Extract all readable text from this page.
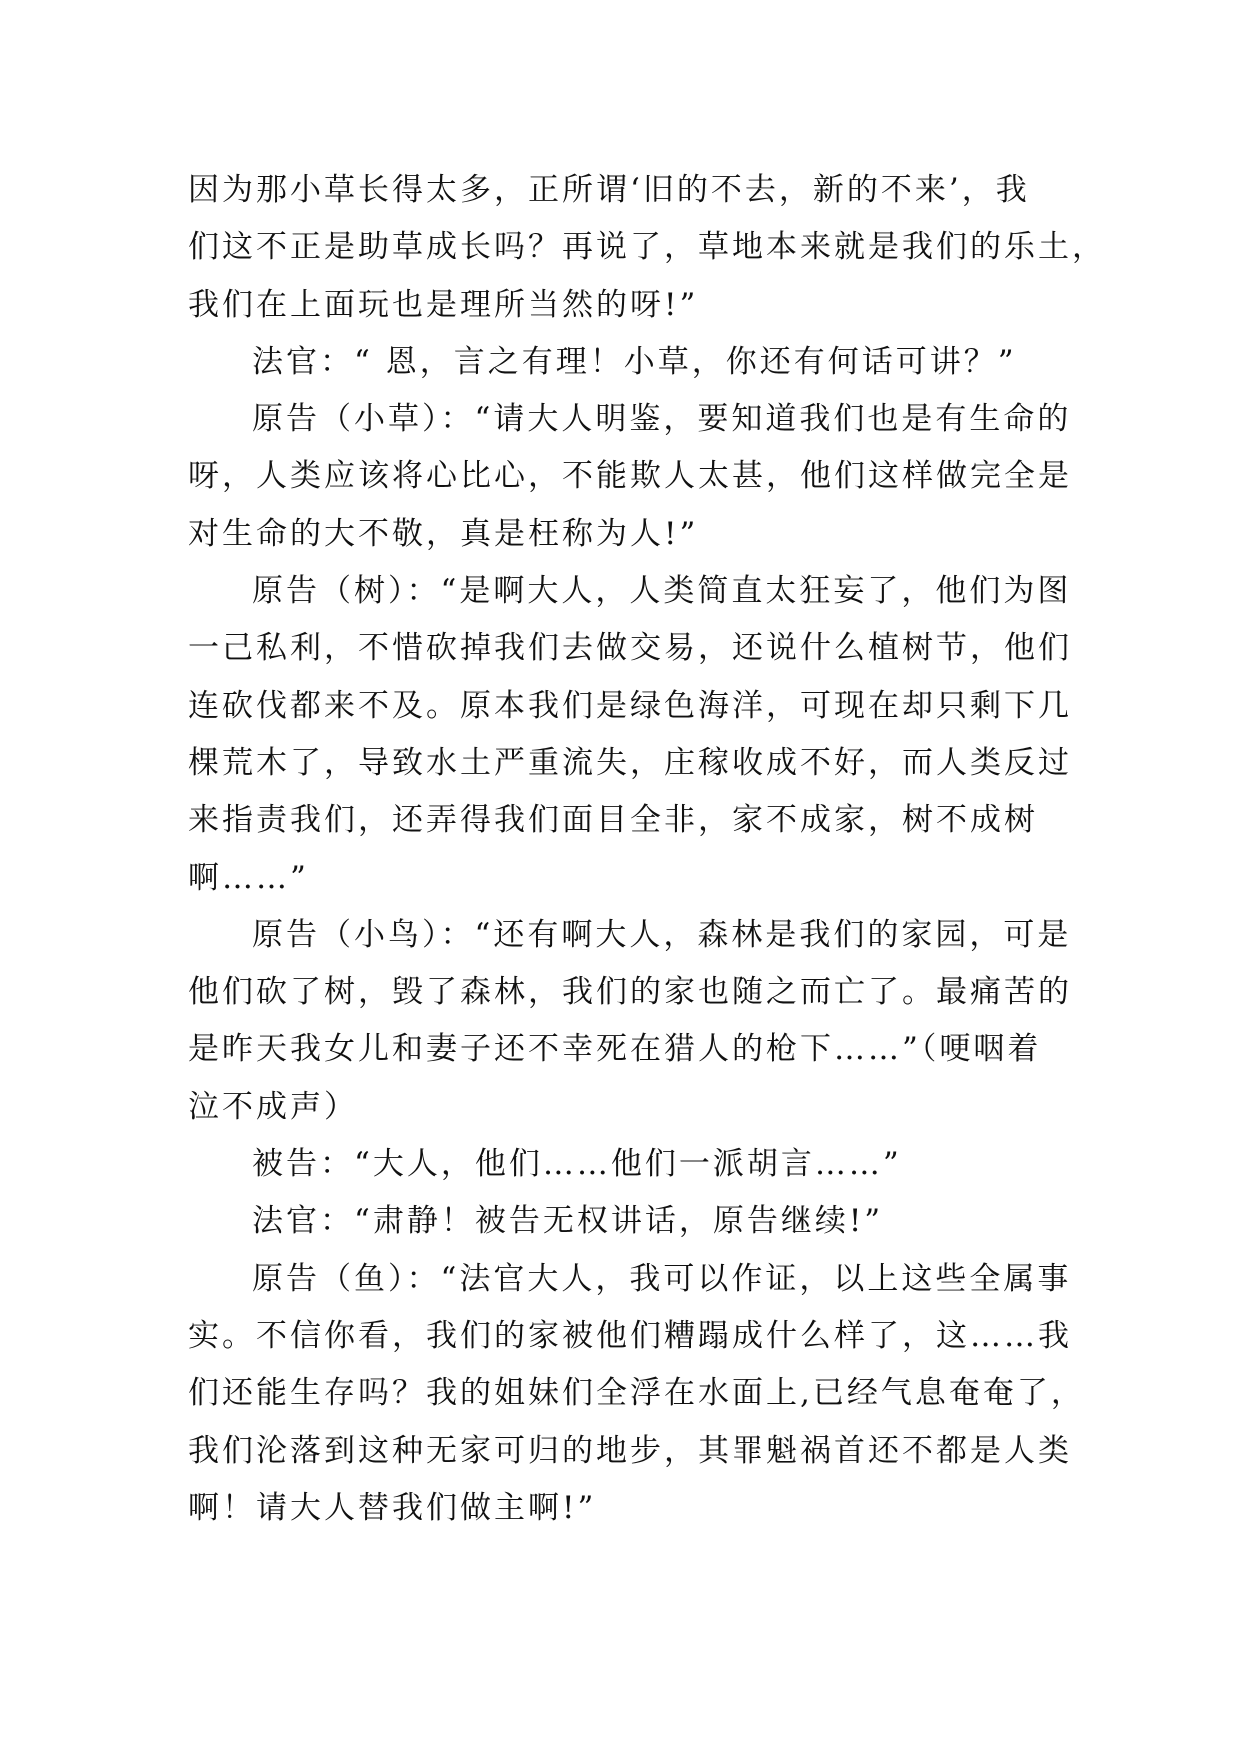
因为那小草长得太多，正所谓‘旧的不去，新的不来’，我
们这不正是助草成长吗？再说了，草地本来就是我们的乐土，
我们在上面玩也是理所当然的呀!”
法官：“ 恩，言之有理！小草，你还有何话可讲？”
原告（小草）：“请大人明鉴，要知道我们也是有生命的
呀，人类应该将心比心，不能欺人太甚，他们这样做完全是
对生命的大不敬，真是枉称为人!”
原告（树）：“是啊大人，人类简直太狂妄了，他们为图
一己私利，不惜砍掉我们去做交易，还说什么植树节，他们
连砍伐都来不及。原本我们是绿色海洋，可现在却只剩下几
棵荒木了，导致水土严重流失，庄稼收成不好，而人类反过
来指责我们，还弄得我们面目全非，家不成家，树不成树
啊……”
原告（小鸟）：“还有啊大人，森林是我们的家园，可是
他们砍了树，毁了森林，我们的家也随之而亡了。最痛苦的
是昨天我女儿和妻子还不幸死在猎人的枪下……”（哽咽着
泣不成声）
被告：“大人，他们……他们一派胡言……”
法官：“肃静！被告无权讲话，原告继续!”
原告（鱼）：“法官大人，我可以作证，以上这些全属事
实。不信你看，我们的家被他们糟蹋成什么样了，这……我
们还能生存吗？我的姐妹们全浮在水面上,已经气息奄奄了，
我们沦落到这种无家可归的地步，其罪魁祸首还不都是人类
啊！请大人替我们做主啊!”
